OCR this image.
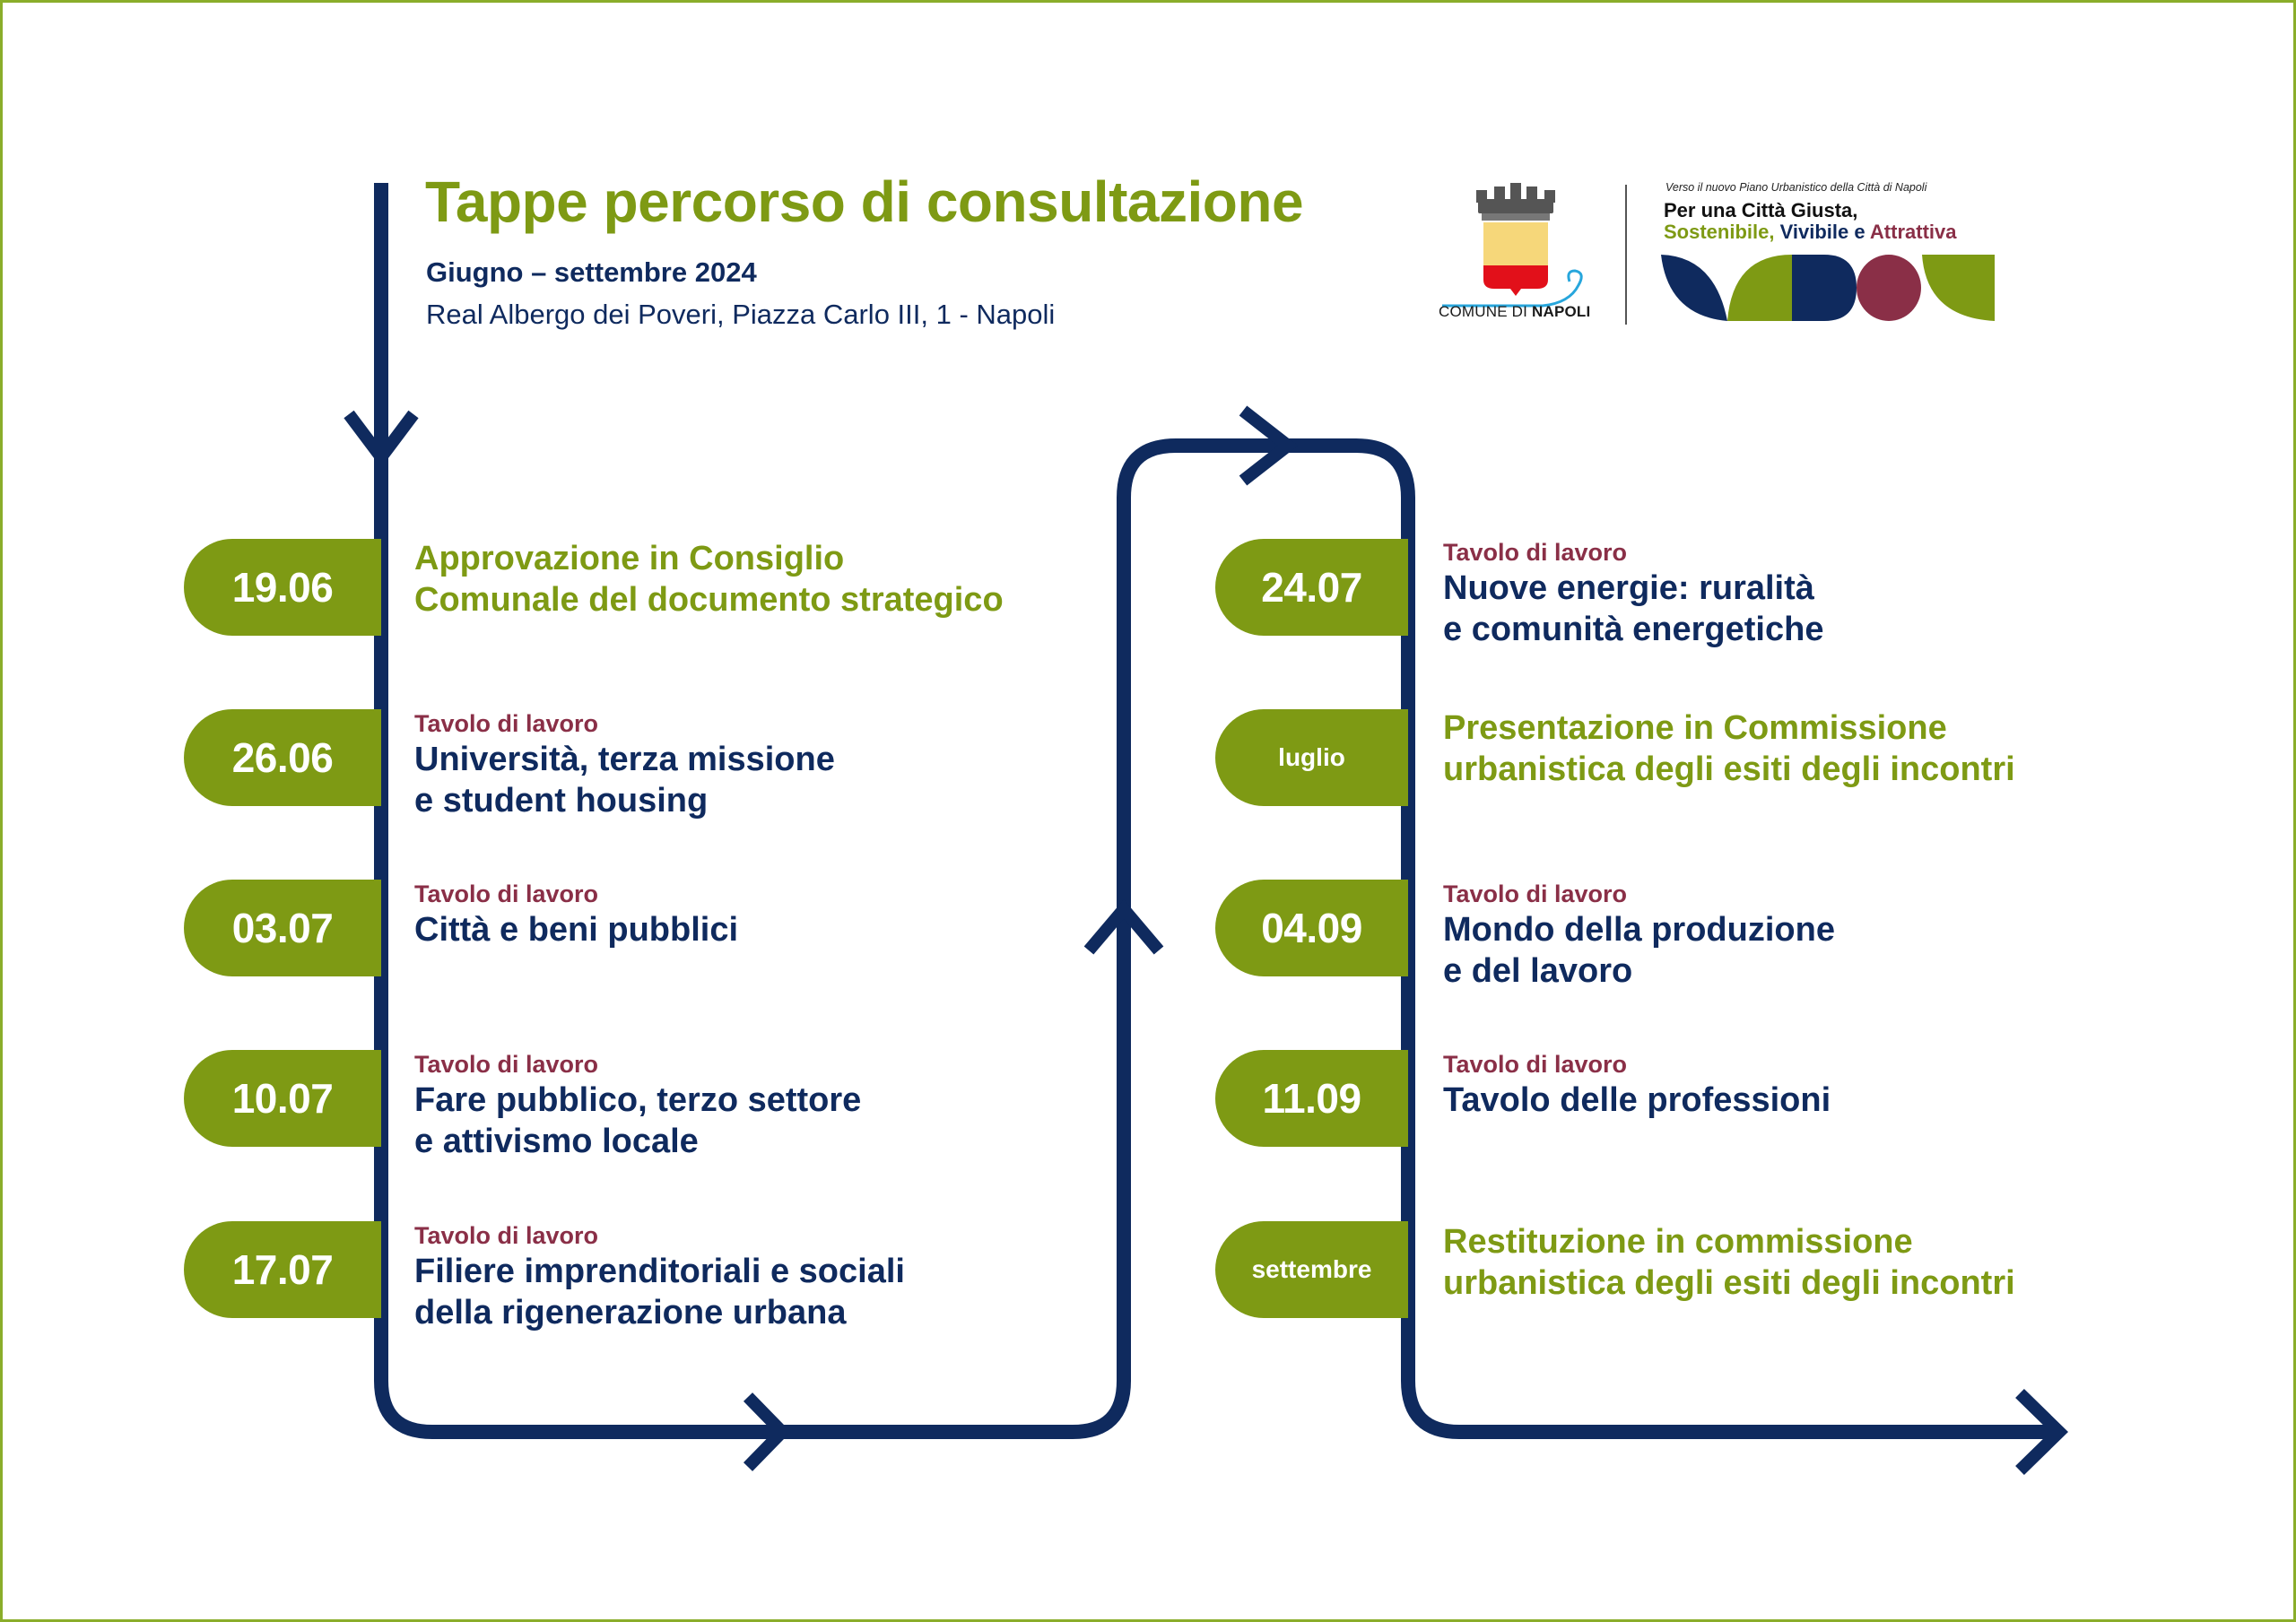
Tappe percorso di consultazione
Giugno – settembre 2024
Real Albergo dei Poveri, Piazza Carlo III, 1 - Napoli	COMUNE DI NAPOLI
Verso il nuovo Piano Urbanistico della Città di Napoli
Per una Città Giusta,
Sostenibile, Vivibile e Attrattiva
19.06
Approvazione in Consiglio
Comunale del documento strategico
26.06
Tavolo di lavoro
Università, terza missione
e student housing
03.07
Tavolo di lavoro
Città e beni pubblici
10.07
Tavolo di lavoro
Fare pubblico, terzo settore
e attivismo locale
17.07
Tavolo di lavoro
Filiere imprenditoriali e sociali
della rigenerazione urbana
24.07
Tavolo di lavoro
Nuove energie: ruralità
e comunità energetiche
luglio
Presentazione in Commissione
urbanistica degli esiti degli incontri
04.09
Tavolo di lavoro
Mondo della produzione
e del lavoro
11.09
Tavolo di lavoro
Tavolo delle professioni
settembre
Restituzione in commissione
urbanistica degli esiti degli incontri
